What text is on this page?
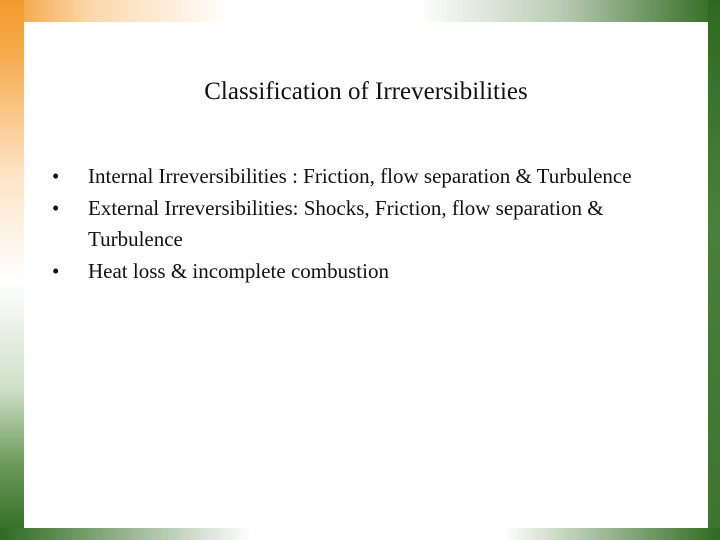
Classification of Irreversibilities
•	Internal Irreversibilities : Friction, flow separation & Turbulence
•	External Irreversibilities: Shocks, Friction, flow separation & Turbulence
•	Heat loss & incomplete combustion
